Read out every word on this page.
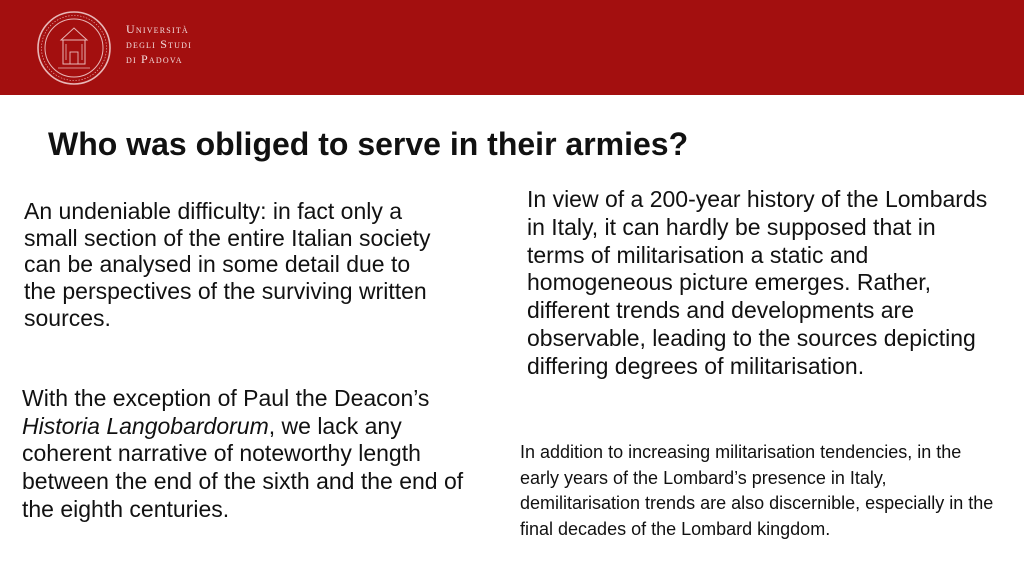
Università
degli Studi
di Padova
Who was obliged to serve in their armies?

An undeniable difficulty: in fact only a small section of the entire Italian society can be analysed in some detail due to the perspectives of the surviving written sources.

With the exception of Paul the Deacon’s Historia Langobardorum, we lack any coherent narrative of noteworthy length between the end of the sixth and the end of the eighth centuries.

In view of a 200-year history of the Lombards in Italy, it can hardly be supposed that in terms of militarisation a static and homogeneous picture emerges. Rather, different trends and developments are observable, leading to the sources depicting differing degrees of militarisation.

In addition to increasing militarisation tendencies, in the early years of the Lombard’s presence in Italy, demilitarisation trends are also discernible, especially in the final decades of the Lombard kingdom.
